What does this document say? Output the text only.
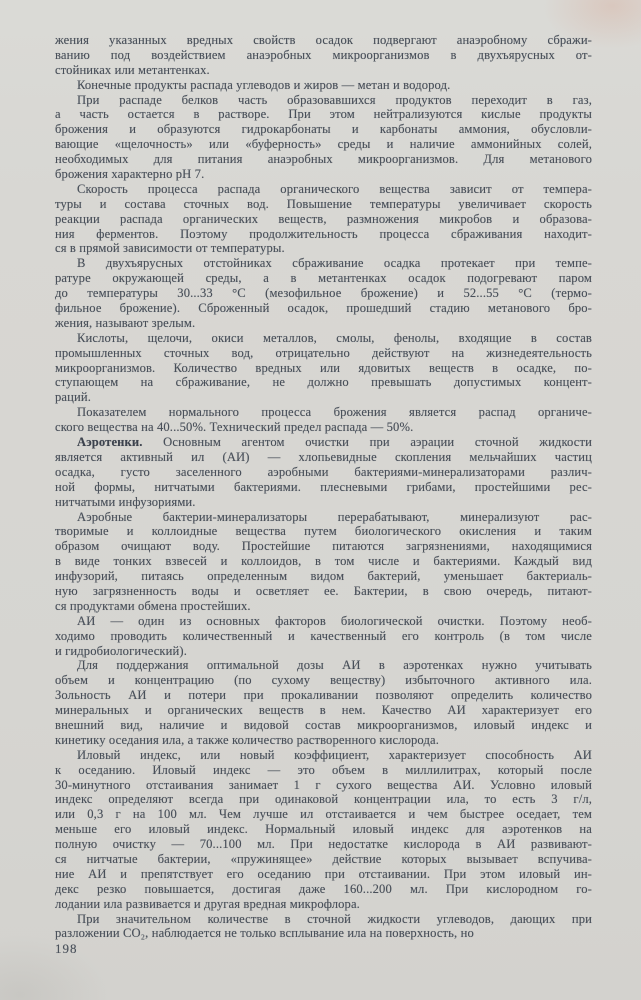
жения указанных вредных свойств осадок подвергают анаэробному сбражи-
ванию под воздействием анаэробных микроорганизмов в двухъярусных от-
стойниках или метантенках.
Конечные продукты распада углеводов и жиров — метан и водород.
При распаде белков часть образовавшихся продуктов переходит в газ,
а часть остается в растворе. При этом нейтрализуются кислые продукты
брожения и образуются гидрокарбонаты и карбонаты аммония, обусловли-
вающие «щелочность» или «буферность» среды и наличие аммонийных солей,
необходимых для питания анаэробных микроорганизмов. Для метанового
брожения характерно pH 7.
Скорость процесса распада органического вещества зависит от темпера-
туры и состава сточных вод. Повышение температуры увеличивает скорость
реакции распада органических веществ, размножения микробов и образова-
ния ферментов. Поэтому продолжительность процесса сбраживания находит-
ся в прямой зависимости от температуры.
В двухъярусных отстойниках сбраживание осадка протекает при темпе-
ратуре окружающей среды, а в метантенках осадок подогревают паром
до температуры 30...33 °C (мезофильное брожение) и 52...55 °C (термо-
фильное брожение). Сброженный осадок, прошедший стадию метанового бро-
жения, называют зрелым.
Кислоты, щелочи, окиси металлов, смолы, фенолы, входящие в состав
промышленных сточных вод, отрицательно действуют на жизнедеятельность
микроорганизмов. Количество вредных или ядовитых веществ в осадке, по-
ступающем на сбраживание, не должно превышать допустимых концент-
раций.
Показателем нормального процесса брожения является распад органиче-
ского вещества на 40...50%. Технический предел распада — 50%.
Аэротенки. Основным агентом очистки при аэрации сточной жидкости
является активный ил (АИ) — хлопьевидные скопления мельчайших частиц
осадка, густо заселенного аэробными бактериями-минерализаторами различ-
ной формы, нитчатыми бактериями. плесневыми грибами, простейшими рес-
нитчатыми инфузориями.
Аэробные бактерии-минерализаторы перерабатывают, минерализуют рас-
творимые и коллоидные вещества путем биологического окисления и таким
образом очищают воду. Простейшие питаются загрязнениями, находящимися
в виде тонких взвесей и коллоидов, в том числе и бактериями. Каждый вид
инфузорий, питаясь определенным видом бактерий, уменьшает бактериаль-
ную загрязненность воды и осветляет ее. Бактерии, в свою очередь, питают-
ся продуктами обмена простейших.
АИ — один из основных факторов биологической очистки. Поэтому необ-
ходимо проводить количественный и качественный его контроль (в том числе
и гидробиологический).
Для поддержания оптимальной дозы АИ в аэротенках нужно учитывать
объем и концентрацию (по сухому веществу) избыточного активного ила.
Зольность АИ и потери при прокаливании позволяют определить количество
минеральных и органических веществ в нем. Качество АИ характеризует его
внешний вид, наличие и видовой состав микроорганизмов, иловый индекс и
кинетику оседания ила, а также количество растворенного кислорода.
Иловый индекс, или новый коэффициент, характеризует способность АИ
к оседанию. Иловый индекс — это объем в миллилитрах, который после
30-минутного отстаивания занимает 1 г сухого вещества АИ. Условно иловый
индекс определяют всегда при одинаковой концентрации ила, то есть 3 г/л,
или 0,3 г на 100 мл. Чем лучше ил отстаивается и чем быстрее оседает, тем
меньше его иловый индекс. Нормальный иловый индекс для аэротенков на
полную очистку — 70...100 мл. При недостатке кислорода в АИ развивают-
ся нитчатые бактерии, «пружинящее» действие которых вызывает вспучива-
ние АИ и препятствует его оседанию при отстаивании. При этом иловый ин-
декс резко повышается, достигая даже 160...200 мл. При кислородном го-
лодании ила развивается и другая вредная микрофлора.
При значительном количестве в сточной жидкости углеводов, дающих при
разложении CO₂, наблюдается не только всплывание ила на поверхность, но
198
